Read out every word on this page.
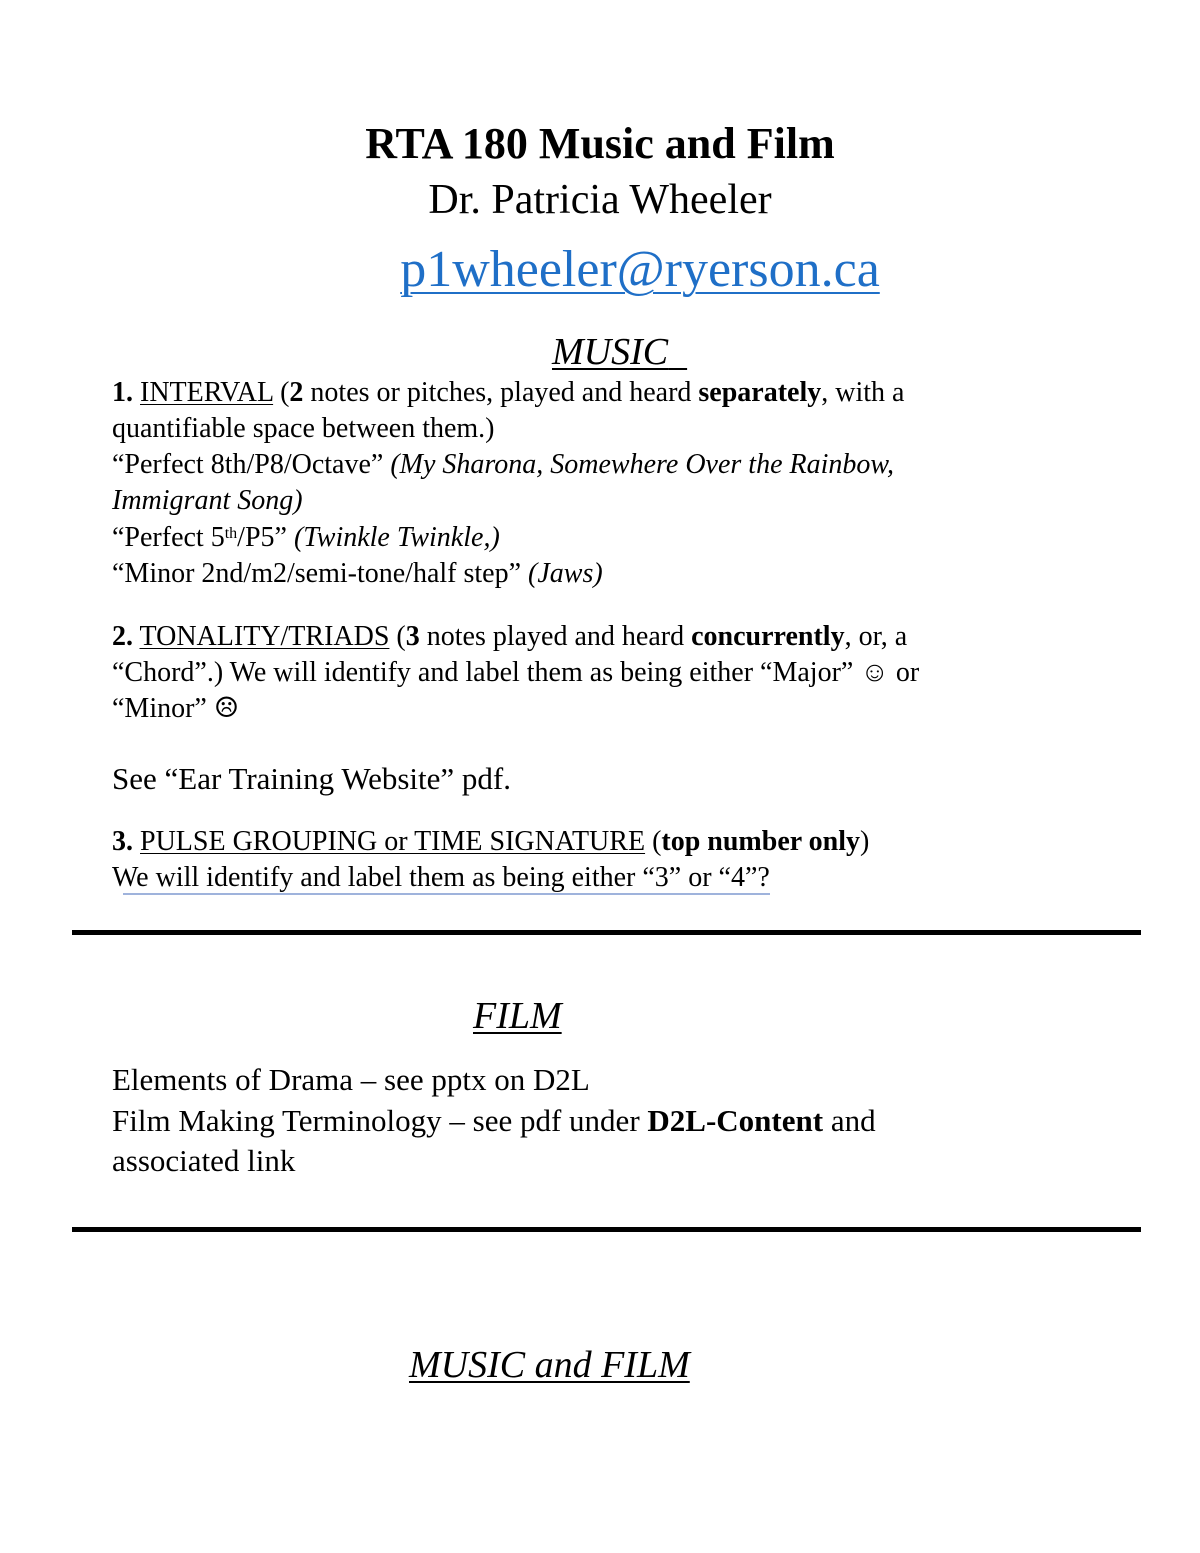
RTA 180 Music and Film
Dr. Patricia Wheeler
p1wheeler@ryerson.ca
MUSIC
1. INTERVAL (2 notes or pitches, played and heard separately, with a
quantifiable space between them.)
“Perfect 8th/P8/Octave” (My Sharona, Somewhere Over the Rainbow,
Immigrant Song)
“Perfect 5th/P5” (Twinkle Twinkle,)
“Minor 2nd/m2/semi-tone/half step” (Jaws)
2. TONALITY/TRIADS (3 notes played and heard concurrently, or, a
“Chord”.) We will identify and label them as being either “Major” ☺ or
“Minor” ☹
See “Ear Training Website” pdf.
3. PULSE GROUPING or TIME SIGNATURE (top number only)
We will identify and label them as being either “3” or “4”?
FILM
Elements of Drama – see pptx on D2L
Film Making Terminology – see pdf under D2L-Content and
associated link
MUSIC and FILM
